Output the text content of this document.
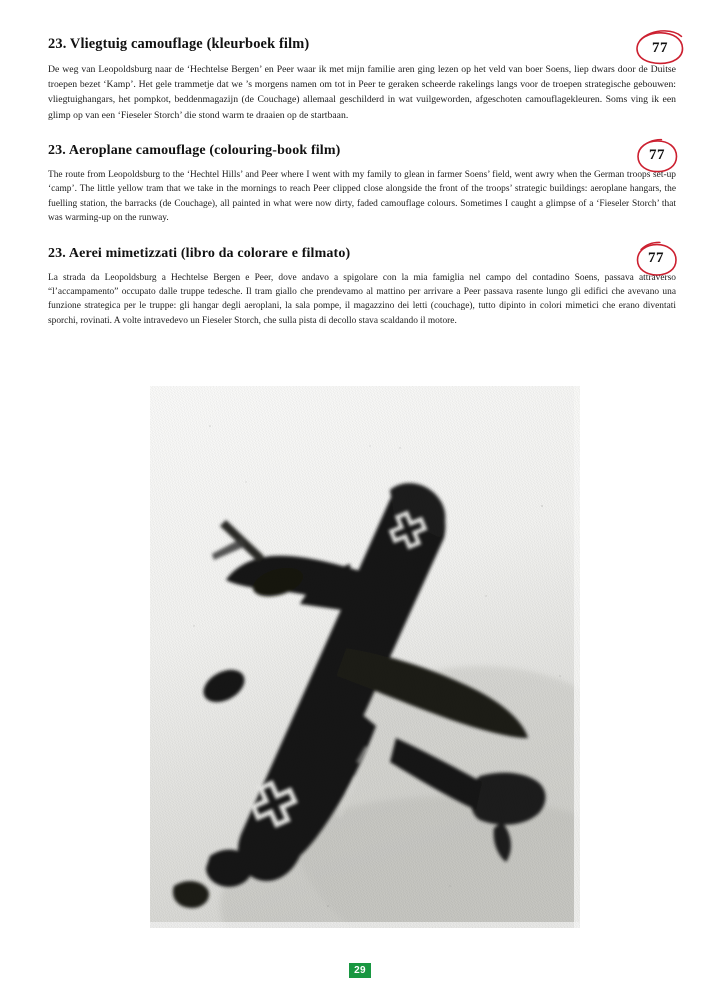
77
23. Vliegtuig camouflage (kleurboek film)

De weg van Leopoldsburg naar de ‘Hechtelse Bergen’ en Peer waar ik met mijn familie aren ging lezen op het veld van boer Soens, liep dwars door de Duitse troepen bezet ‘Kamp’. Het gele trammetje dat we ’s morgens namen om tot in Peer te geraken scheerde rakelings langs voor de troepen strategische gebouwen: vliegtuighangars, het pompkot, beddenmagazijn (de Couchage) allemaal geschilderd in wat vuilgeworden, afgeschoten camouflagekleuren. Soms ving ik een glimp op van een ‘Fieseler Storch’ die stond warm te draaien op de startbaan.

77
23. Aeroplane camouflage (colouring-book film)

The route from Leopoldsburg to the ‘Hechtel Hills’ and Peer where I went with my family to glean in farmer Soens’ field, went awry when the German troops set-up ‘camp’. The little yellow tram that we take in the mornings to reach Peer clipped close alongside the front of the troops’ strategic buildings: aeroplane hangars, the fuelling station, the barracks (de Couchage), all painted in what were now dirty, faded camouflage colours. Sometimes I caught a glimpse of a ‘Fieseler Storch’ that was warming-up on the runway.

77
23. Aerei mimetizzati (libro da colorare e filmato)

La strada da Leopoldsburg a Hechtelse Bergen e Peer, dove andavo a spigolare con la mia famiglia nel campo del contadino Soens, passava attraverso “l’accampamento” occupato dalle truppe tedesche. Il tram giallo che prendevamo al mattino per arrivare a Peer passava rasente lungo gli edifici che avevano una funzione strategica per le truppe: gli hangar degli aeroplani, la sala pompe, il magazzino dei letti (couchage), tutto dipinto in colori mimetici che erano diventati sporchi, rovinati. A volte intravedevo un Fieseler Storch, che sulla pista di decollo stava scaldando il motore.

29
